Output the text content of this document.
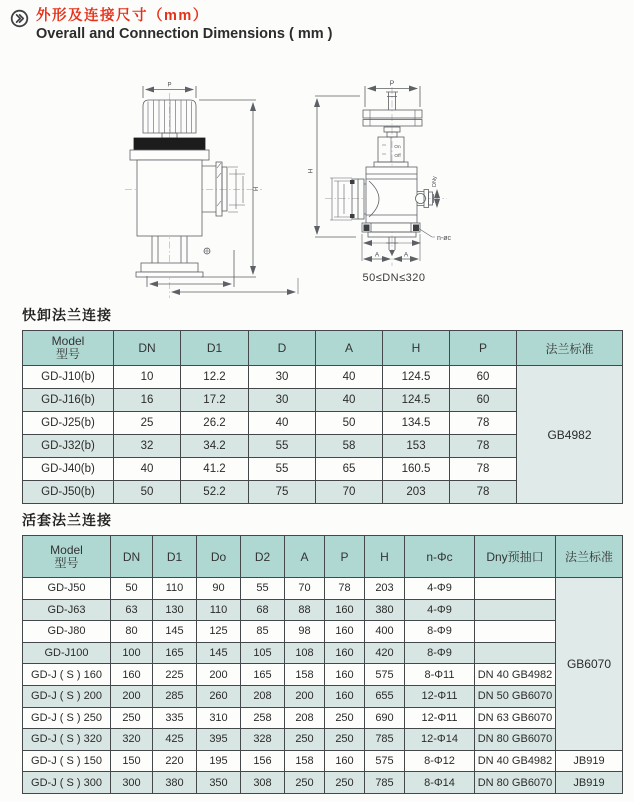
外形及连接尺寸（mm）
Overall and Connection Dimensions ( mm )
P
H
P
H
On
Off
DNy
A	A
n-øc
50≤DN≤320
快卸法兰连接
Model
型号	DN	D1	D	A	H	P	法兰标准
GD-J10(b)	10	12.2	30	40	124.5	60	GB4982
GD-J16(b)	16	17.2	30	40	124.5	60	
GD-J25(b)	25	26.2	40	50	134.5	78	
GD-J32(b)	32	34.2	55	58	153	78	
GD-J40(b)	40	41.2	55	65	160.5	78	
GD-J50(b)	50	52.2	75	70	203	78	
活套法兰连接
Model
型号	DN	D1	Do	D2	A	P	H	n-Φc	Dny预抽口	法兰标准
GD-J50	50	110	90	55	70	78	203	4-Φ9		GB6070
GD-J63	63	130	110	68	88	160	380	4-Φ9		
GD-J80	80	145	125	85	98	160	400	8-Φ9		
GD-J100	100	165	145	105	108	160	420	8-Φ9		
GD-J ( S ) 160	160	225	200	165	158	160	575	8-Φ11	DN 40 GB4982	
GD-J ( S ) 200	200	285	260	208	200	160	655	12-Φ11	DN 50 GB6070	
GD-J ( S ) 250	250	335	310	258	208	250	690	12-Φ11	DN 63 GB6070	
GD-J ( S ) 320	320	425	395	328	250	250	785	12-Φ14	DN 80 GB6070	
GD-J ( S ) 150	150	220	195	156	158	160	575	8-Φ12	DN 40 GB4982	JB919
GD-J ( S ) 300	300	380	350	308	250	250	785	8-Φ14	DN 80 GB6070	JB919
